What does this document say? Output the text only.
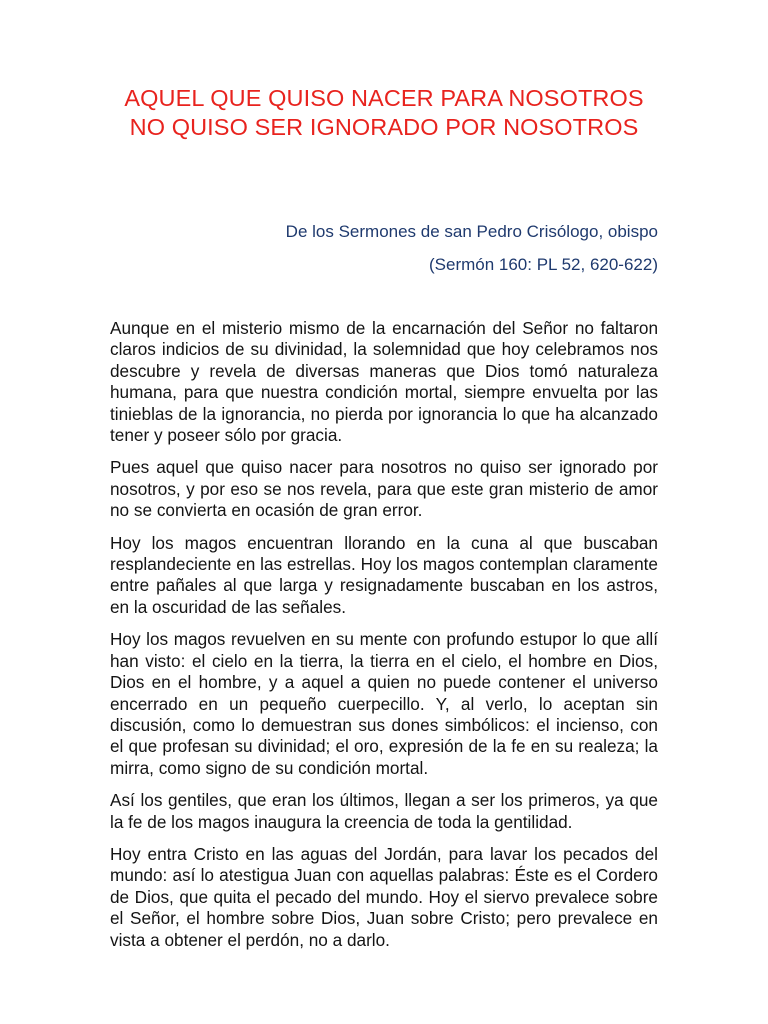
AQUEL QUE QUISO NACER PARA NOSOTROS
NO QUISO SER IGNORADO POR NOSOTROS
De los Sermones de san Pedro Crisólogo, obispo
(Sermón 160: PL 52, 620-622)

Aunque en el misterio mismo de la encarnación del Señor no faltaron claros indicios de su divinidad, la solemnidad que hoy celebramos nos descubre y revela de diversas maneras que Dios tomó naturaleza humana, para que nuestra condición mortal, siempre envuelta por las tinieblas de la ignorancia, no pierda por ignorancia lo que ha alcanzado tener y poseer sólo por gracia.

Pues aquel que quiso nacer para nosotros no quiso ser ignorado por nosotros, y por eso se nos revela, para que este gran misterio de amor no se convierta en ocasión de gran error.

Hoy los magos encuentran llorando en la cuna al que buscaban resplandeciente en las estrellas. Hoy los magos contemplan claramente entre pañales al que larga y resignadamente buscaban en los astros, en la oscuridad de las señales.

Hoy los magos revuelven en su mente con profundo estupor lo que allí han visto: el cielo en la tierra, la tierra en el cielo, el hombre en Dios, Dios en el hombre, y a aquel a quien no puede contener el universo encerrado en un pequeño cuerpecillo. Y, al verlo, lo aceptan sin discusión, como lo demuestran sus dones simbólicos: el incienso, con el que profesan su divinidad; el oro, expresión de la fe en su realeza; la mirra, como signo de su condición mortal.

Así los gentiles, que eran los últimos, llegan a ser los primeros, ya que la fe de los magos inaugura la creencia de toda la gentilidad.

Hoy entra Cristo en las aguas del Jordán, para lavar los pecados del mundo: así lo atestigua Juan con aquellas palabras: Éste es el Cordero de Dios, que quita el pecado del mundo. Hoy el siervo prevalece sobre el Señor, el hombre sobre Dios, Juan sobre Cristo; pero prevalece en vista a obtener el perdón, no a darlo.
